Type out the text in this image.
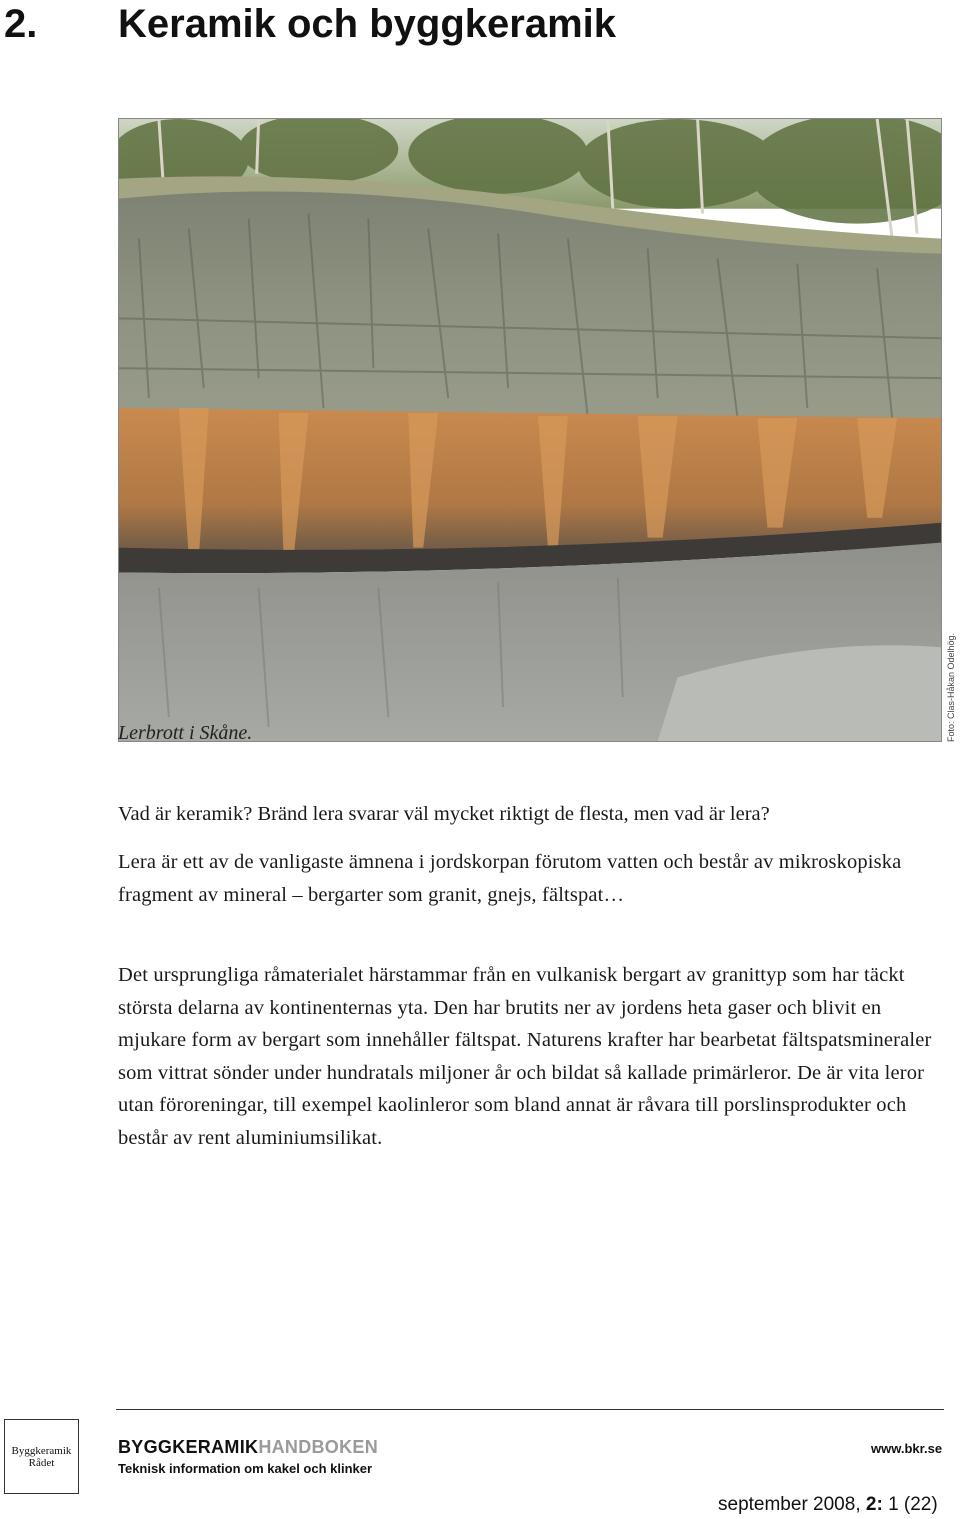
2. Keramik och byggkeramik
Foto: Clas-Håkan Odelhög.
Lerbrott i Skåne.

Vad är keramik? Bränd lera svarar väl mycket riktigt de flesta, men vad är lera?

Lera är ett av de vanligaste ämnena i jordskorpan förutom vatten och består av mikroskopiska fragment av mineral – bergarter som granit, gnejs, fältspat…

Det ursprungliga råmaterialet härstammar från en vulkanisk bergart av granittyp som har täckt största delarna av kontinenternas yta. Den har brutits ner av jordens heta gaser och blivit en mjukare form av bergart som innehåller fältspat. Naturens krafter har bearbetat fältspatsmineraler som vittrat sönder under hundratals miljoner år och bildat så kallade primärleror. De är vita leror utan föroreningar, till exempel kaolinleror som bland annat är råvara till porslinsprodukter och består av rent aluminiumsilikat.

Byggkeramik
Rådet
BYGGKERAMIKHANDBOKEN
Teknisk information om kakel och klinker
www.bkr.se
september 2008, 2: 1 (22)
